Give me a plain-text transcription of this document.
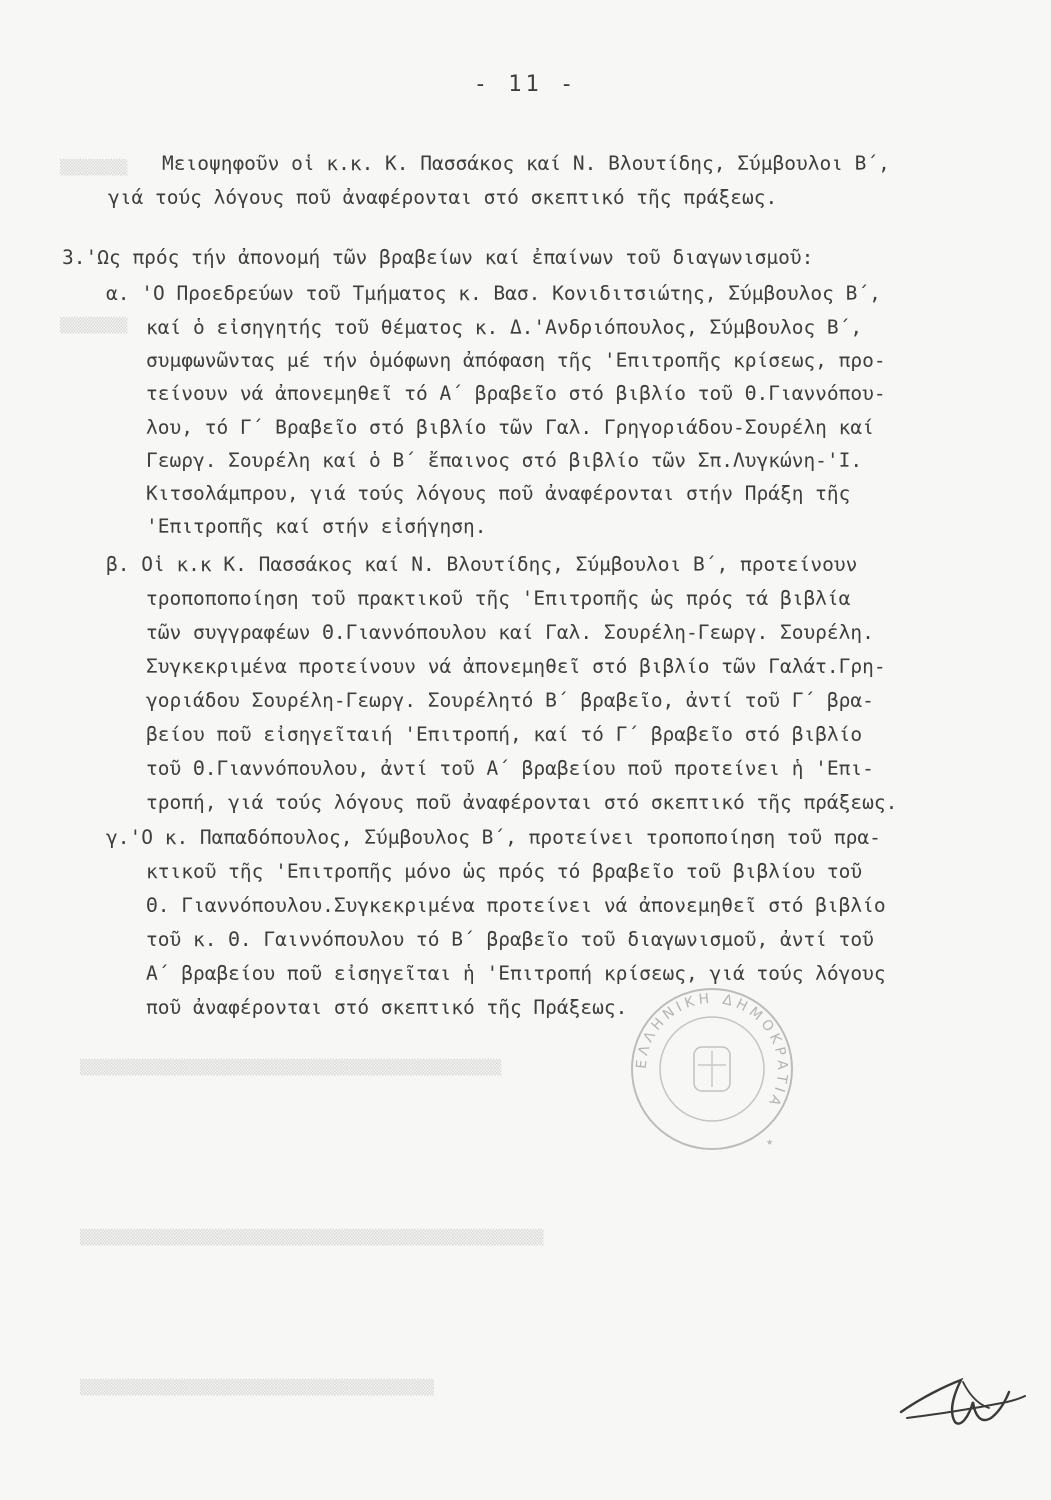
▒▒▒▒▒▒▒▒
▒▒▒▒▒▒▒▒
▒▒▒▒▒▒▒▒▒▒▒▒▒▒▒▒▒▒▒▒▒▒▒▒▒▒▒▒▒▒▒▒▒▒▒▒▒▒▒▒▒▒▒▒▒▒▒▒▒▒
▒▒▒▒▒▒▒▒▒▒▒▒▒▒▒▒▒▒▒▒▒▒▒▒▒▒▒▒▒▒▒▒▒▒▒▒▒▒▒▒▒▒▒▒▒▒▒▒▒▒▒▒▒▒▒
▒▒▒▒▒▒▒▒▒▒▒▒▒▒▒▒▒▒▒▒▒▒▒▒▒▒▒▒▒▒▒▒▒▒▒▒▒▒▒▒▒▒
- 11 -
Μειοψηφοῦν οἱ κ.κ. Κ. Πασσάκος καί Ν. Βλουτίδης, Σύμβουλοι Β΄,
γιά τούς λόγους ποῦ ἀναφέρονται στό σκεπτικό τῆς πράξεως.
3.'Ως πρός τήν ἀπονομή τῶν βραβείων καί ἐπαίνων τοῦ διαγωνισμοῦ:
α. 'Ο Προεδρεύων τοῦ Τμήματος κ. Βασ. Κονιδιτσιώτης, Σύμβουλος Β΄,
καί ὁ εἰσηγητής τοῦ θέματος κ. Δ.'Ανδριόπουλος, Σύμβουλος Β΄,
συμφωνῶντας μέ τήν ὁμόφωνη ἀπόφαση τῆς 'Επιτροπῆς κρίσεως, προ-
τείνουν νά ἀπονεμηθεῖ τό Α΄ βραβεῖο στό βιβλίο τοῦ Θ.Γιαννόπου-
λου, τό Γ΄ Βραβεῖο στό βιβλίο τῶν Γαλ. Γρηγοριάδου-Σουρέλη καί
Γεωργ. Σουρέλη καί ὁ Β΄ ἔπαινος στό βιβλίο τῶν Σπ.Λυγκώνη-'Ι.
Κιτσολάμπρου, γιά τούς λόγους ποῦ ἀναφέρονται στήν Πράξη τῆς
'Επιτροπῆς καί στήν εἰσήγηση.
β. Οἱ κ.κ Κ. Πασσάκος καί Ν. Βλουτίδης, Σύμβουλοι Β΄, προτείνουν
τροποποποίηση τοῦ πρακτικοῦ τῆς 'Επιτροπῆς ὡς πρός τά βιβλία
τῶν συγγραφέων Θ.Γιαννόπουλου καί Γαλ. Σουρέλη-Γεωργ. Σουρέλη.
Συγκεκριμένα προτείνουν νά ἀπονεμηθεῖ στό βιβλίο τῶν Γαλάτ.Γρη-
γοριάδου Σουρέλη-Γεωργ. Σουρέλητό Β΄ βραβεῖο, ἀντί τοῦ Γ΄ βρα-
βείου ποῦ εἰσηγεῖταιή 'Επιτροπή, καί τό Γ΄ βραβεῖο στό βιβλίο
τοῦ Θ.Γιαννόπουλου, ἀντί τοῦ Α΄ βραβείου ποῦ προτείνει ἡ 'Επι-
τροπή, γιά τούς λόγους ποῦ ἀναφέρονται στό σκεπτικό τῆς πράξεως.
γ.'Ο κ. Παπαδόπουλος, Σύμβουλος Β΄, προτείνει τροποποίηση τοῦ πρα-
κτικοῦ τῆς 'Επιτροπῆς μόνο ὡς πρός τό βραβεῖο τοῦ βιβλίου τοῦ
Θ. Γιαννόπουλου.Συγκεκριμένα προτείνει νά ἀπονεμηθεῖ στό βιβλίο
τοῦ κ. Θ. Γαιννόπουλου τό Β΄ βραβεῖο τοῦ διαγωνισμοῦ, ἀντί τοῦ
Α΄ βραβείου ποῦ εἰσηγεῖται ἡ 'Επιτροπή κρίσεως, γιά τούς λόγους
ποῦ ἀναφέρονται στό σκεπτικό τῆς Πράξεως.
ΕΛΛΗΝΙΚΗ ΔΗΜΟΚΡΑΤΙΑ
★
